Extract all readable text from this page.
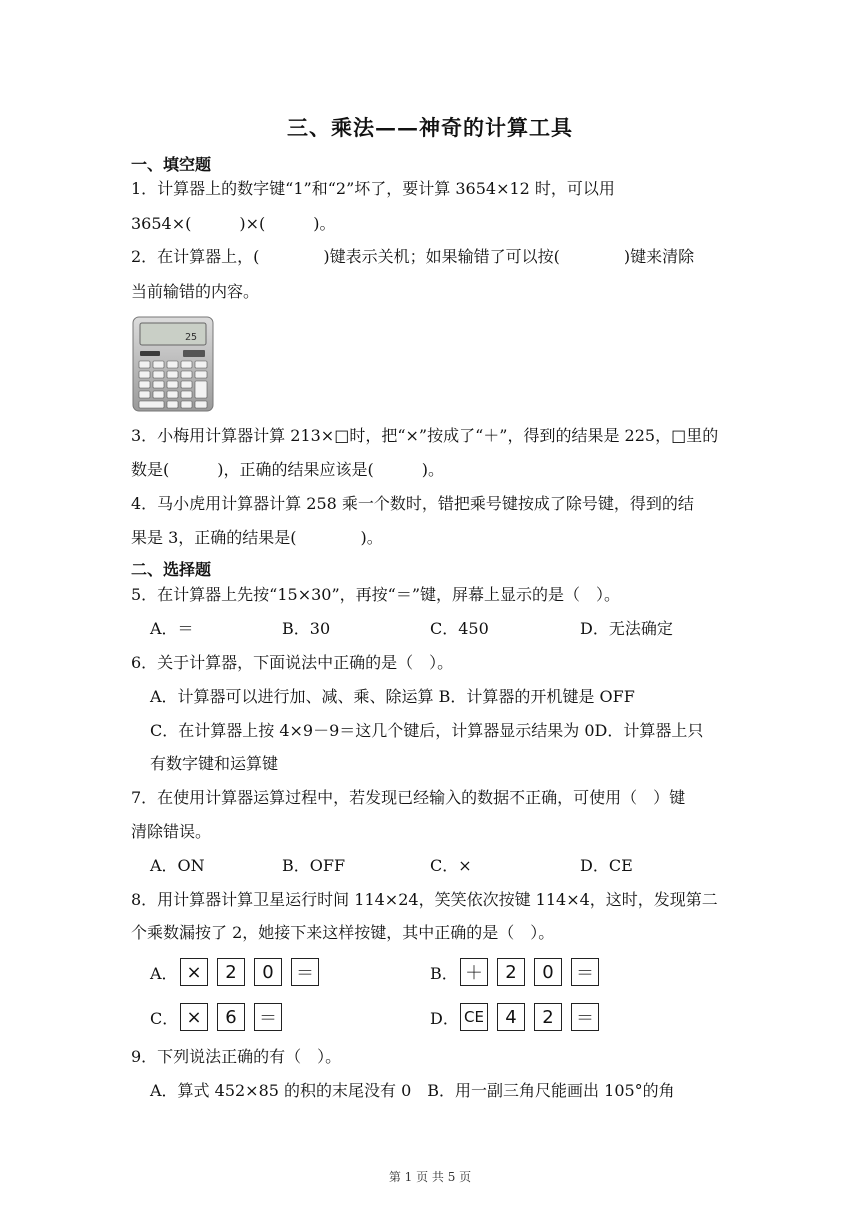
三、乘法——神奇的计算工具
一、填空题
1．计算器上的数字键“1”和“2”坏了，要计算 3654×12 时，可以用
3654×(　　　)×(　　　)。
2．在计算器上，(　　　　)键表示关机；如果输错了可以按(　　　　)键来清除
当前输错的内容。
25
3．小梅用计算器计算 213×□时，把“×”按成了“＋”，得到的结果是 225，□里的
数是(　　　)，正确的结果应该是(　　　)。
4．马小虎用计算器计算 258 乘一个数时，错把乘号键按成了除号键，得到的结
果是 3，正确的结果是(　　　　)。
二、选择题
5．在计算器上先按“15×30”，再按“＝”键，屏幕上显示的是（　）。
A．＝	B．30	C．450	D．无法确定
6．关于计算器，下面说法中正确的是（　）。
A．计算器可以进行加、减、乘、除运算 B．计算器的开机键是 OFF
C．在计算器上按 4×9－9＝这几个键后，计算器显示结果为 0D．计算器上只
有数字键和运算键
7．在使用计算器运算过程中，若发现已经输入的数据不正确，可使用（　）键
清除错误。
A．ON	B．OFF	C．×	D．CE
8．用计算器计算卫星运行时间 114×24，笑笑依次按键 114×4，这时，发现第二
个乘数漏按了 2，她接下来这样按键，其中正确的是（　）。
A． ×	2	0	＝	B． ＋	2	0	＝
C． ×	6	＝	D． CE	4	2	＝
9．下列说法正确的有（　）。
A．算式 452×85 的积的末尾没有 0　B．用一副三角尺能画出 105°的角
第 1 页 共 5 页
